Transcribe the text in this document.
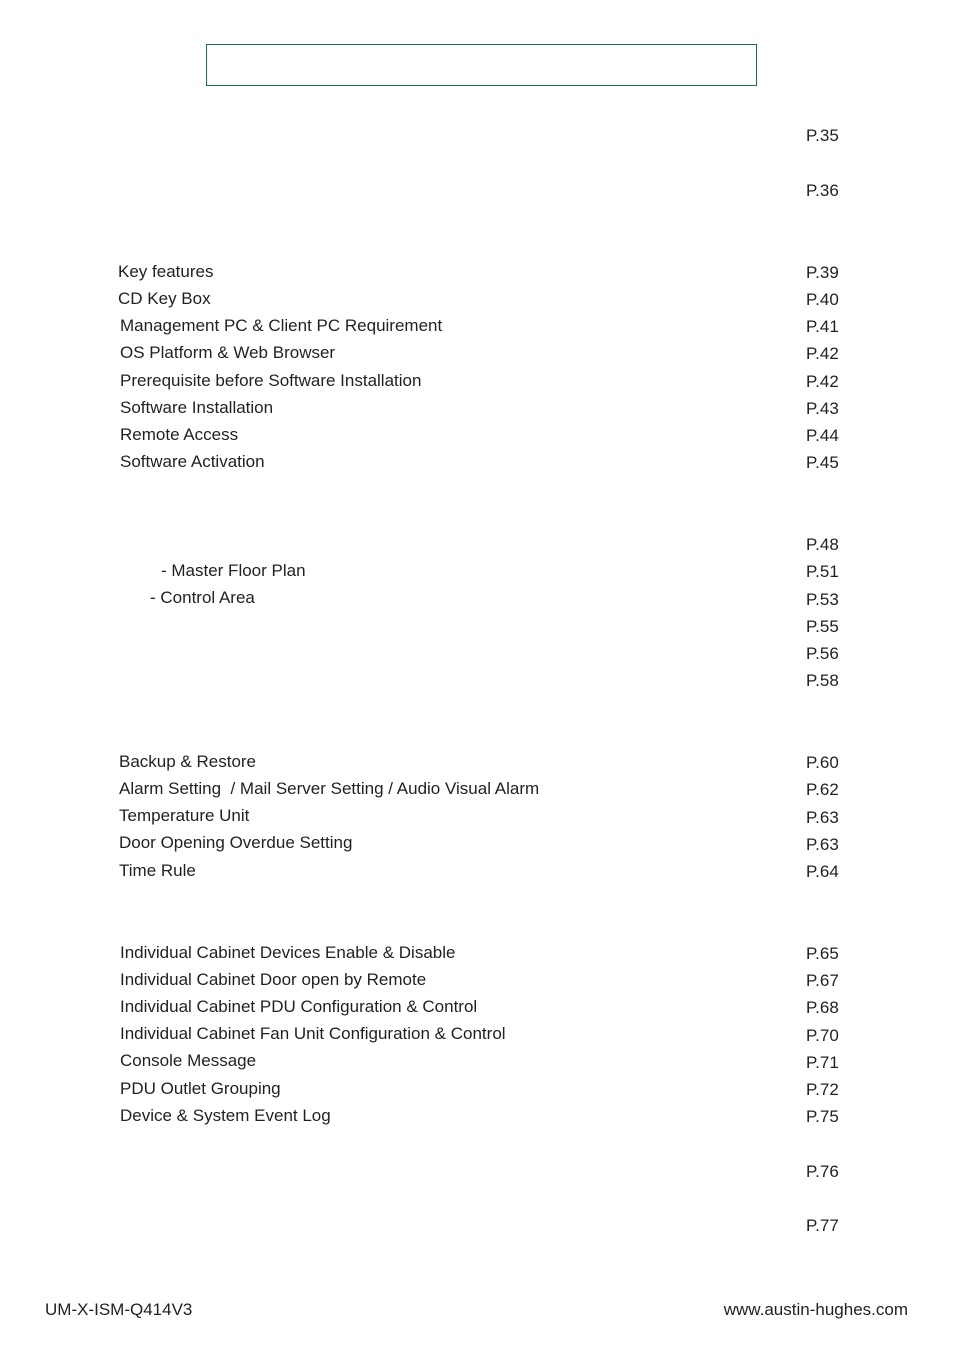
P.35
P.36
Key features	P.39
CD Key Box	P.40
Management PC & Client PC Requirement	P.41
OS Platform & Web Browser	P.42
Prerequisite before Software Installation	P.42
Software Installation	P.43
Remote Access	P.44
Software Activation	P.45
P.48
- Master Floor Plan	P.51
- Control Area	P.53
P.55
P.56
P.58
Backup & Restore	P.60
Alarm Setting  / Mail Server Setting / Audio Visual Alarm	P.62
Temperature Unit	P.63
Door Opening Overdue Setting	P.63
Time Rule	P.64
Individual Cabinet Devices Enable & Disable	P.65
Individual Cabinet Door open by Remote	P.67
Individual Cabinet PDU Configuration & Control	P.68
Individual Cabinet Fan Unit Configuration & Control	P.70
Console Message	P.71
PDU Outlet Grouping	P.72
Device & System Event Log	P.75
P.76
P.77
UM-X-ISM-Q414V3	www.austin-hughes.com
